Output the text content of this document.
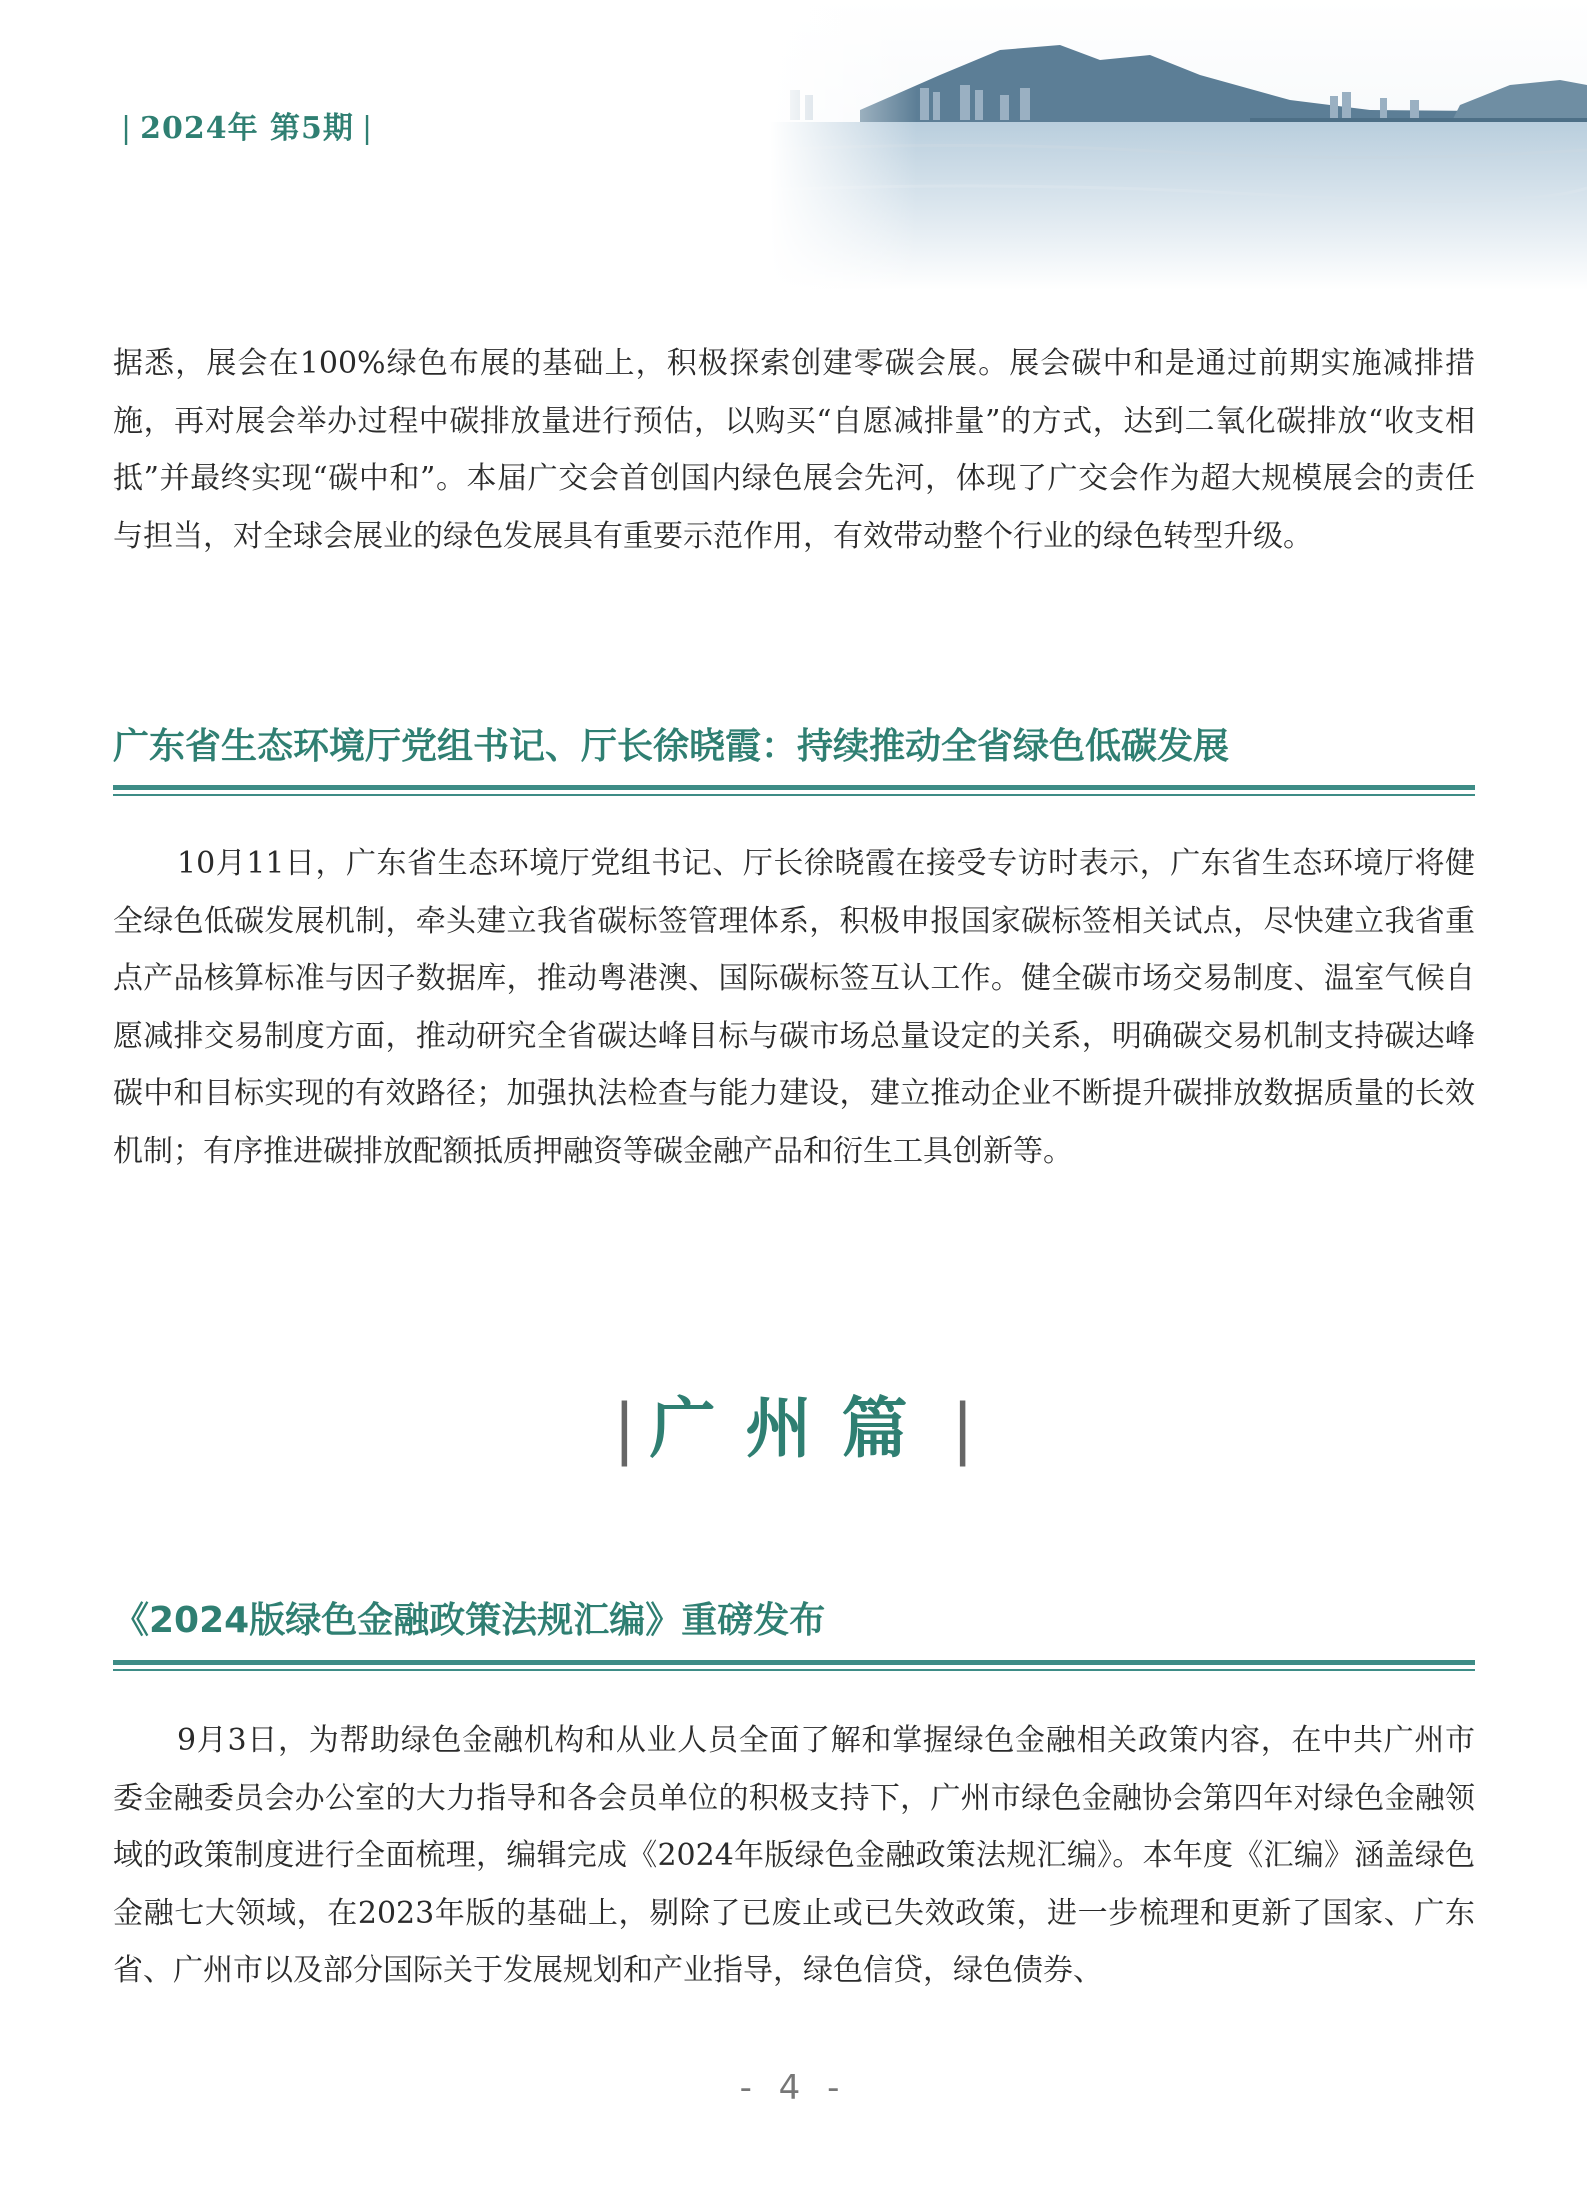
| 2024年 第5期 |

据悉，展会在100%绿色布展的基础上，积极探索创建零碳会展。展会碳中和是通过前期实施减排措施，再对展会举办过程中碳排放量进行预估，以购买“自愿减排量”的方式，达到二氧化碳排放“收支相抵”并最终实现“碳中和”。本届广交会首创国内绿色展会先河，体现了广交会作为超大规模展会的责任与担当，对全球会展业的绿色发展具有重要示范作用，有效带动整个行业的绿色转型升级。

广东省生态环境厅党组书记、厅长徐晓霞：持续推动全省绿色低碳发展

10月11日，广东省生态环境厅党组书记、厅长徐晓霞在接受专访时表示，广东省生态环境厅将健全绿色低碳发展机制，牵头建立我省碳标签管理体系，积极申报国家碳标签相关试点，尽快建立我省重点产品核算标准与因子数据库，推动粤港澳、国际碳标签互认工作。健全碳市场交易制度、温室气候自愿减排交易制度方面，推动研究全省碳达峰目标与碳市场总量设定的关系，明确碳交易机制支持碳达峰碳中和目标实现的有效路径；加强执法检查与能力建设，建立推动企业不断提升碳排放数据质量的长效机制；有序推进碳排放配额抵质押融资等碳金融产品和衍生工具创新等。

| 广州篇 |
《2024版绿色金融政策法规汇编》重磅发布

9月3日，为帮助绿色金融机构和从业人员全面了解和掌握绿色金融相关政策内容，在中共广州市委金融委员会办公室的大力指导和各会员单位的积极支持下，广州市绿色金融协会第四年对绿色金融领域的政策制度进行全面梳理，编辑完成《2024年版绿色金融政策法规汇编》。本年度《汇编》涵盖绿色金融七大领域，在2023年版的基础上，剔除了已废止或已失效政策，进一步梳理和更新了国家、广东省、广州市以及部分国际关于发展规划和产业指导，绿色信贷，绿色债券、

- 4 -
